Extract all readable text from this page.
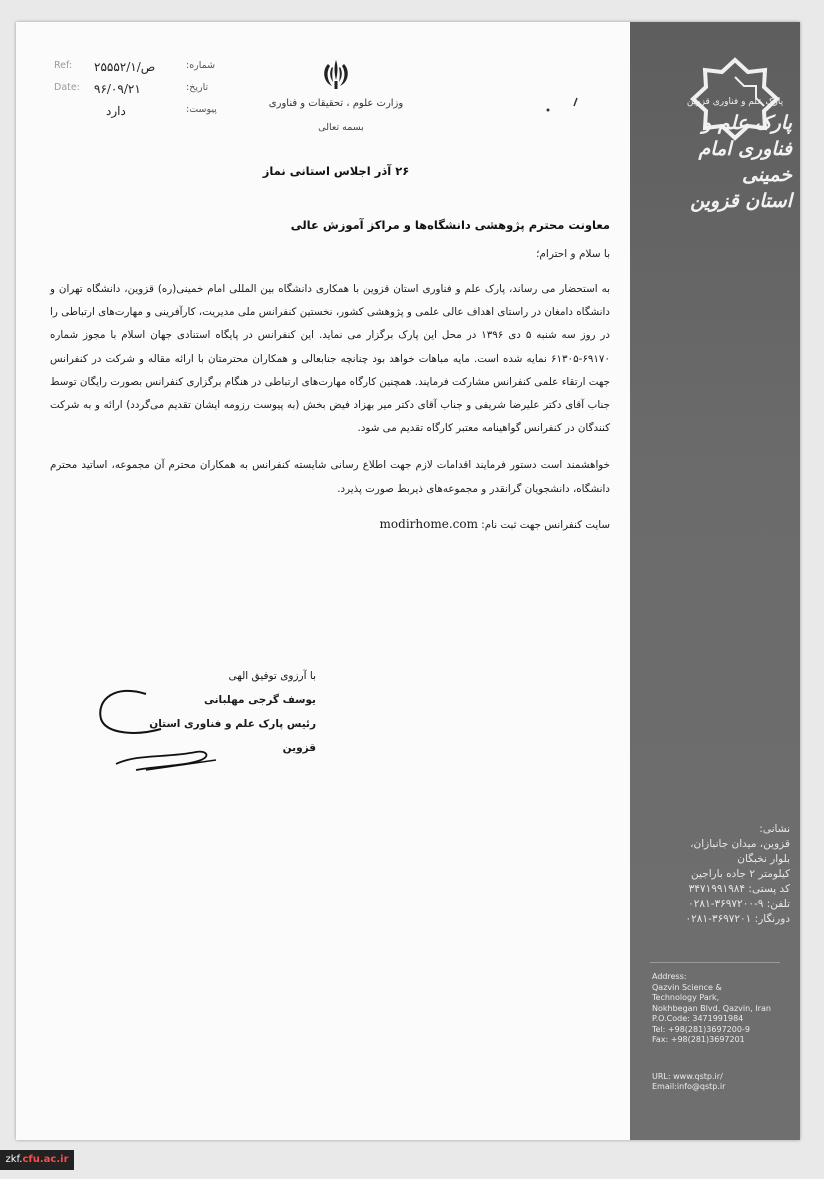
Ref: ۲۵۵۵۲/ص/۱	شماره:
Date: ۹۶/۰۹/۲۱	تاریخ:
دارد	پیوست:
وزارت علوم ، تحقیقات و فناوری
بسمه تعالی
۲۶ آذر اجلاس استانی نماز
معاونت محترم پژوهشی دانشگاه‌ها و مراکز آموزش عالی
با سلام و احترام؛

به استحضار می رساند، پارک علم و فناوری استان قزوین با همکاری دانشگاه بین المللی امام خمینی(ره) قزوین، دانشگاه تهران و دانشگاه دامغان در راستای اهداف عالی علمی و پژوهشی کشور، نخستین کنفرانس ملی مدیریت، کارآفرینی و مهارت‌های ارتباطی را در روز سه شنبه ۵ دی ۱۳۹۶ در محل این پارک برگزار می نماید. این کنفرانس در پایگاه استنادی جهان اسلام با مجوز شماره ۶۹۱۷۰-۶۱۳۰۵ نمایه شده است. مایه مباهات خواهد بود چنانچه جنابعالی و همکاران محترمتان با ارائه مقاله و شرکت در کنفرانس جهت ارتقاء علمی کنفرانس مشارکت فرمایند. همچنین کارگاه مهارت‌های ارتباطی در هنگام برگزاری کنفرانس بصورت رایگان توسط جناب آقای دکتر علیرضا شریفی و جناب آقای دکتر میر بهزاد فیض بخش (به پیوست رزومه ایشان تقدیم می‌گردد) ارائه و به شرکت کنندگان در کنفرانس گواهینامه معتبر کارگاه تقدیم می شود.

خواهشمند است دستور فرمایند اقدامات لازم جهت اطلاع رسانی شایسته کنفرانس به همکاران محترم آن مجموعه، اساتید محترم دانشگاه، دانشجویان گرانقدر و مجموعه‌های ذیربط صورت پذیرد.

سایت کنفرانس جهت ثبت نام: modirhome.com

با آرزوی توفیق الهی
یوسف گرجی مهلبانی
رئیس پارک علم و فناوری استان قزوین
پارک علم و فناوری قزوین
پارک علم و فناوری امام خمینی
استان قزوین
نشانی:
قزوین، میدان جانبازان،
بلوار نخبگان
کیلومتر ۲ جاده باراجین
کد پستی: ۳۴۷۱۹۹۱۹۸۴
تلفن: ۹-۳۶۹۷۲۰۰-۰۲۸۱
دورنگار: ۳۶۹۷۲۰۱-۰۲۸۱
Address:
Qazvin Science &
Technology Park,
Nokhbegan Blvd, Qazvin, Iran
P.O.Code: 3471991984
Tel: +98(281)3697200-9
Fax: +98(281)3697201
URL: www.qstp.ir/
Email:info@qstp.ir
zkf.cfu.ac.ir
